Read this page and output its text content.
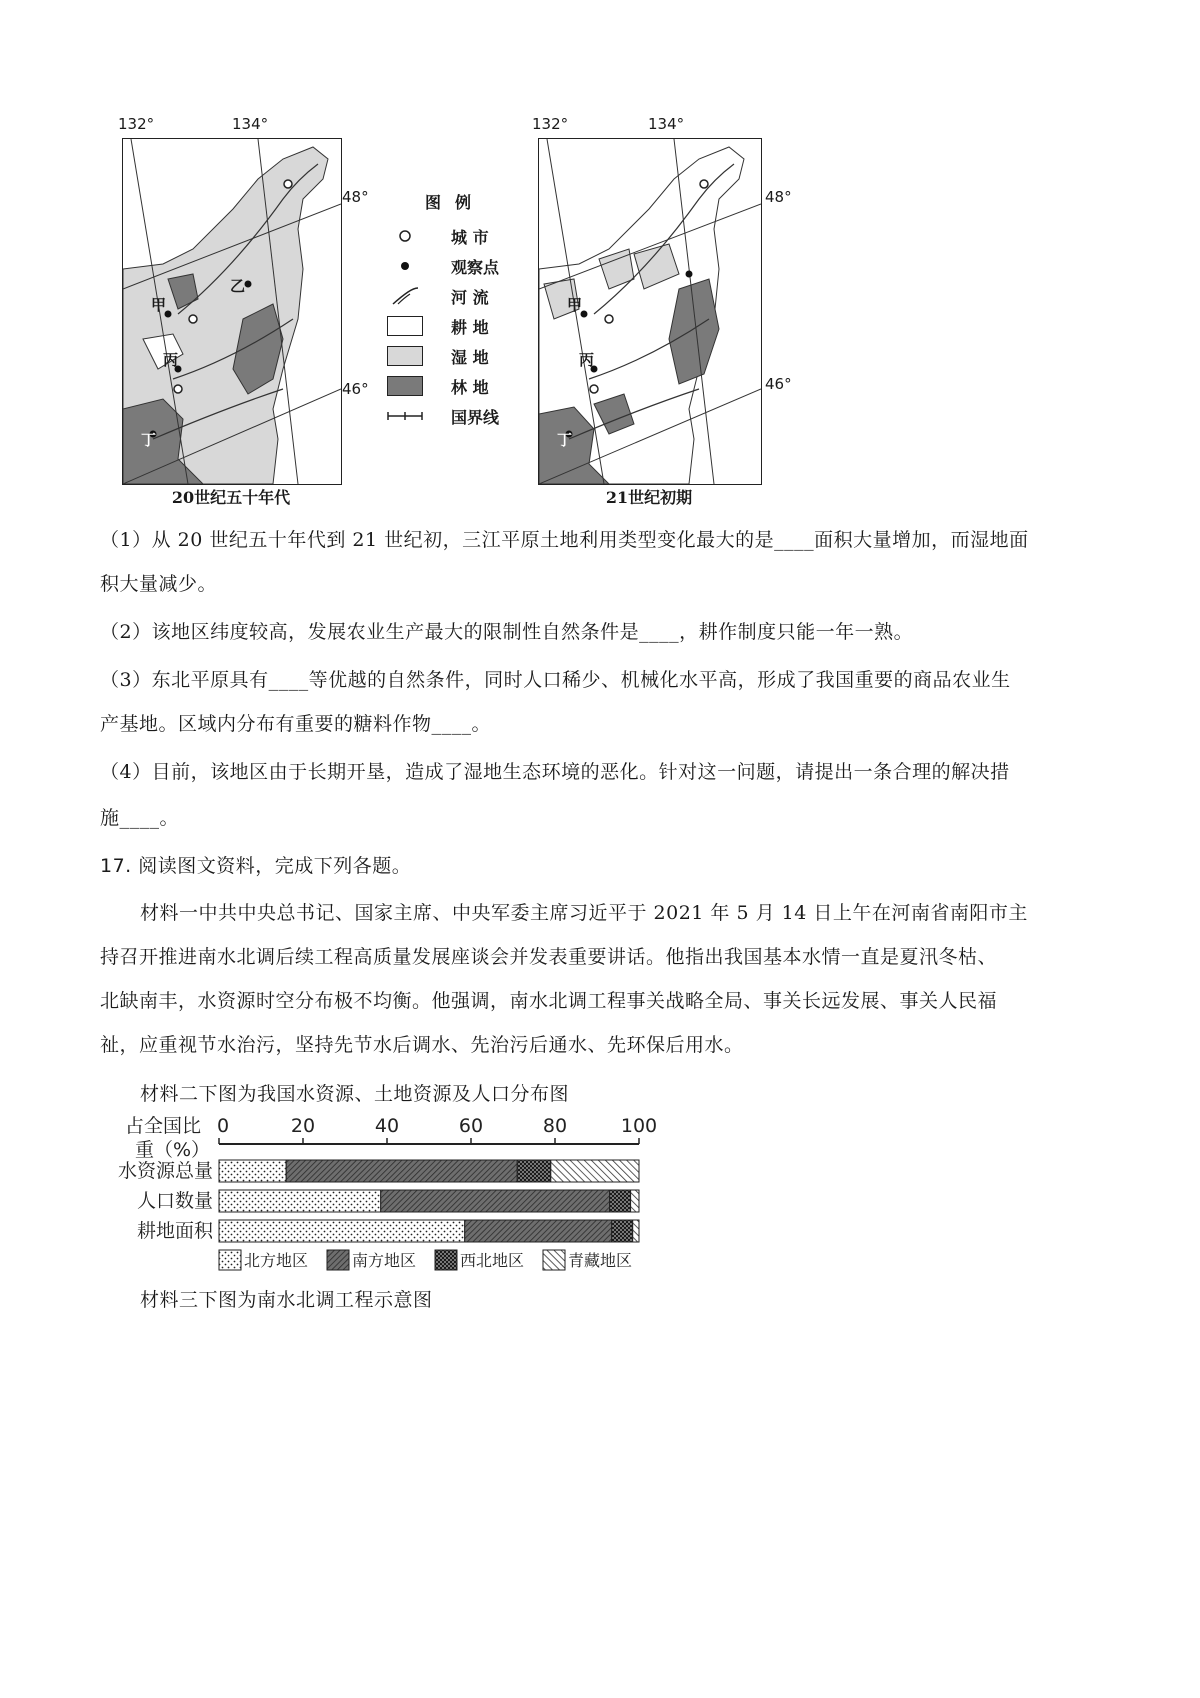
132°	134°
48°
46°
甲
乙
丙
丁
20世纪五十年代
图例
城 市
观察点
河 流
耕 地
湿 地
林 地
国界线
132°	134°
48°
46°
甲
丙
丁
21世纪初期
（1）从 20 世纪五十年代到 21 世纪初，三江平原土地利用类型变化最大的是____面积大量增加，而湿地面
积大量减少。
（2）该地区纬度较高，发展农业生产最大的限制性自然条件是____，耕作制度只能一年一熟。
（3）东北平原具有____等优越的自然条件，同时人口稀少、机械化水平高，形成了我国重要的商品农业生
产基地。区域内分布有重要的糖料作物____。
（4）目前，该地区由于长期开垦，造成了湿地生态环境的恶化。针对这一问题，请提出一条合理的解决措
施____。
17. 阅读图文资料，完成下列各题。
材料一中共中央总书记、国家主席、中央军委主席习近平于 2021 年 5 月 14 日上午在河南省南阳市主
持召开推进南水北调后续工程高质量发展座谈会并发表重要讲话。他指出我国基本水情一直是夏汛冬枯、
北缺南丰，水资源时空分布极不均衡。他强调，南水北调工程事关战略全局、事关长远发展、事关人民福
祉，应重视节水治污，坚持先节水后调水、先治污后通水、先环保后用水。
材料二下图为我国水资源、土地资源及人口分布图
占全国比
重（%）
0	20	40	60	80	100
水资源总量
人口数量
耕地面积
北方地区	南方地区	西北地区	青藏地区
材料三下图为南水北调工程示意图
